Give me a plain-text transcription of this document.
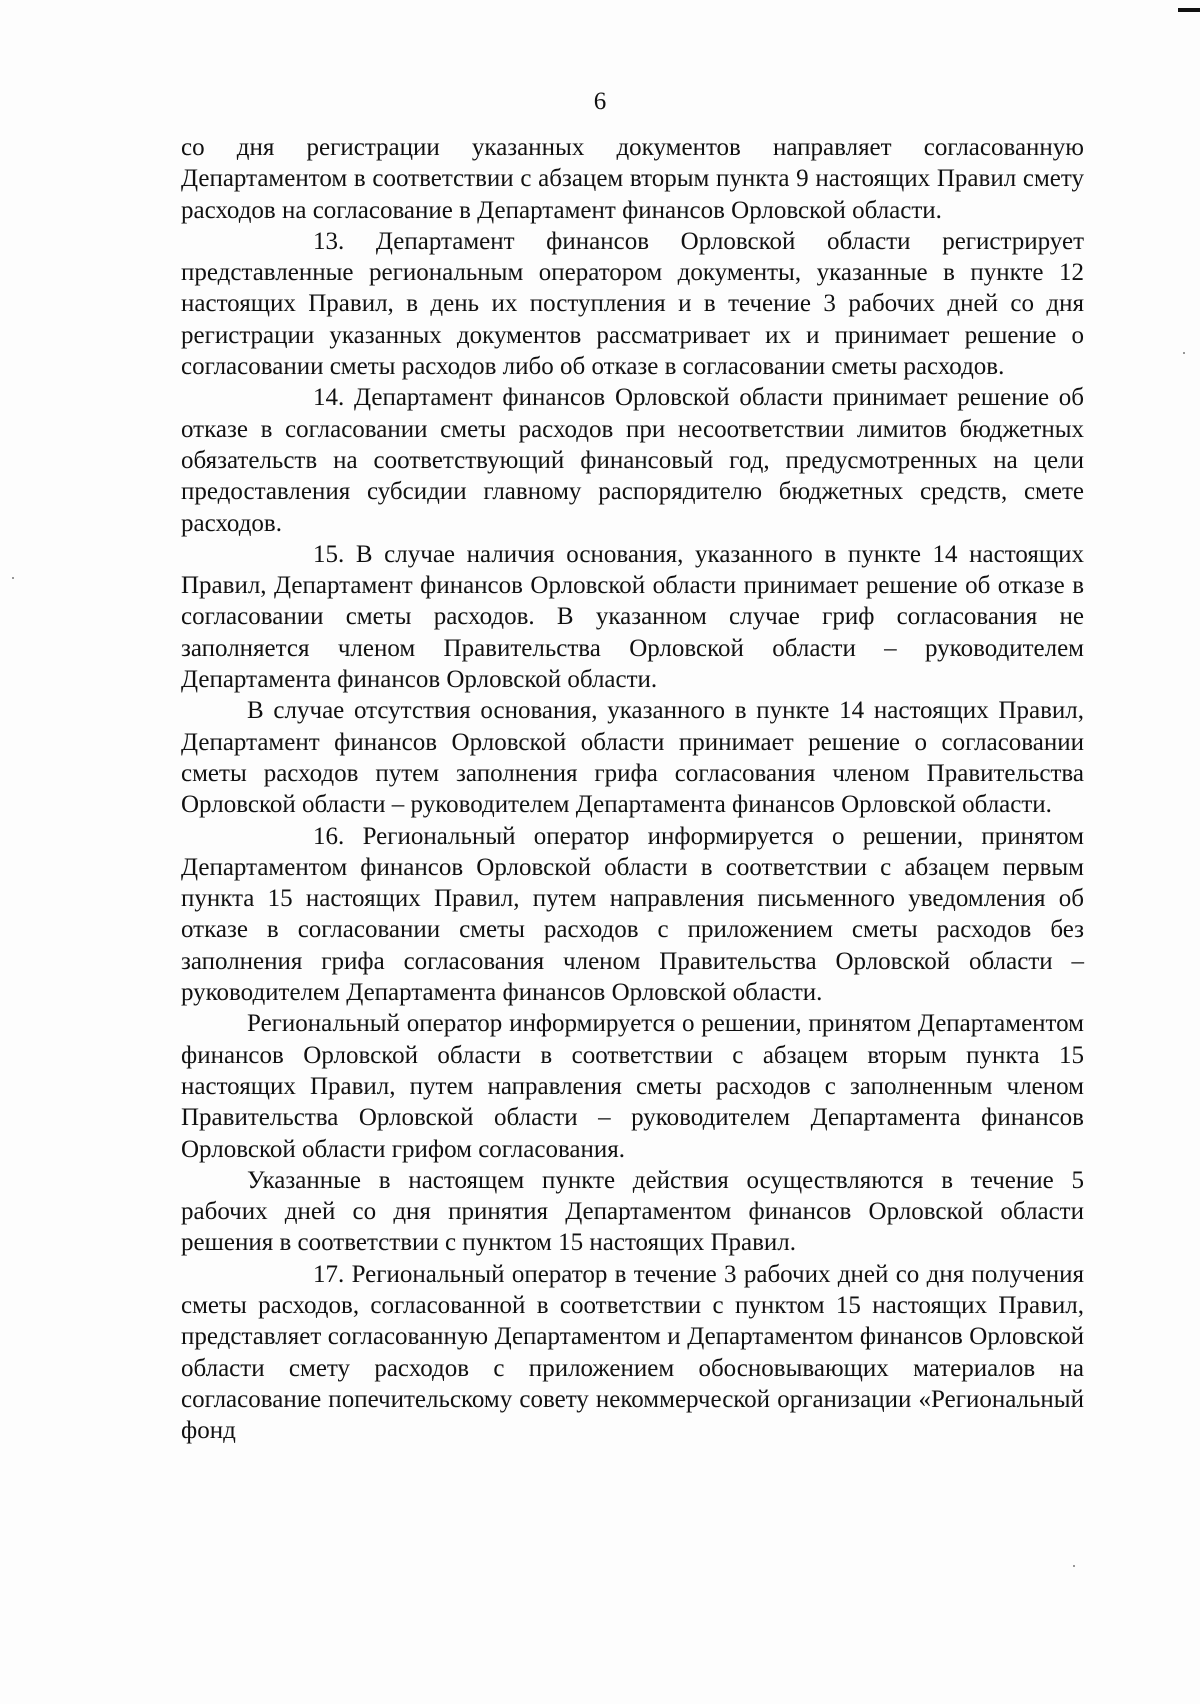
6

со дня регистрации указанных документов направляет согласованную Департаментом в соответствии с абзацем вторым пункта 9 настоящих Правил смету расходов на согласование в Департамент финансов Орловской области.

13. Департамент финансов Орловской области регистрирует представленные региональным оператором документы, указанные в пункте 12 настоящих Правил, в день их поступления и в течение 3 рабочих дней со дня регистрации указанных документов рассматривает их и принимает решение о согласовании сметы расходов либо об отказе в согласовании сметы расходов.

14. Департамент финансов Орловской области принимает решение об отказе в согласовании сметы расходов при несоответствии лимитов бюджетных обязательств на соответствующий финансовый год, предусмотренных на цели предоставления субсидии главному распорядителю бюджетных средств, смете расходов.

15. В случае наличия основания, указанного в пункте 14 настоящих Правил, Департамент финансов Орловской области принимает решение об отказе в согласовании сметы расходов. В указанном случае гриф согласования не заполняется членом Правительства Орловской области – руководителем Департамента финансов Орловской области.

В случае отсутствия основания, указанного в пункте 14 настоящих Правил, Департамент финансов Орловской области принимает решение о согласовании сметы расходов путем заполнения грифа согласования членом Правительства Орловской области – руководителем Департамента финансов Орловской области.

16. Региональный оператор информируется о решении, принятом Департаментом финансов Орловской области в соответствии с абзацем первым пункта 15 настоящих Правил, путем направления письменного уведомления об отказе в согласовании сметы расходов с приложением сметы расходов без заполнения грифа согласования членом Правительства Орловской области – руководителем Департамента финансов Орловской области.

Региональный оператор информируется о решении, принятом Департаментом финансов Орловской области в соответствии с абзацем вторым пункта 15 настоящих Правил, путем направления сметы расходов с заполненным членом Правительства Орловской области – руководителем Департамента финансов Орловской области грифом согласования.

Указанные в настоящем пункте действия осуществляются в течение 5 рабочих дней со дня принятия Департаментом финансов Орловской области решения в соответствии с пунктом 15 настоящих Правил.

17. Региональный оператор в течение 3 рабочих дней со дня получения сметы расходов, согласованной в соответствии с пунктом 15 настоящих Правил, представляет согласованную Департаментом и Департаментом финансов Орловской области смету расходов с приложением обосновывающих материалов на согласование попечительскому совету некоммерческой организации «Региональный фонд
